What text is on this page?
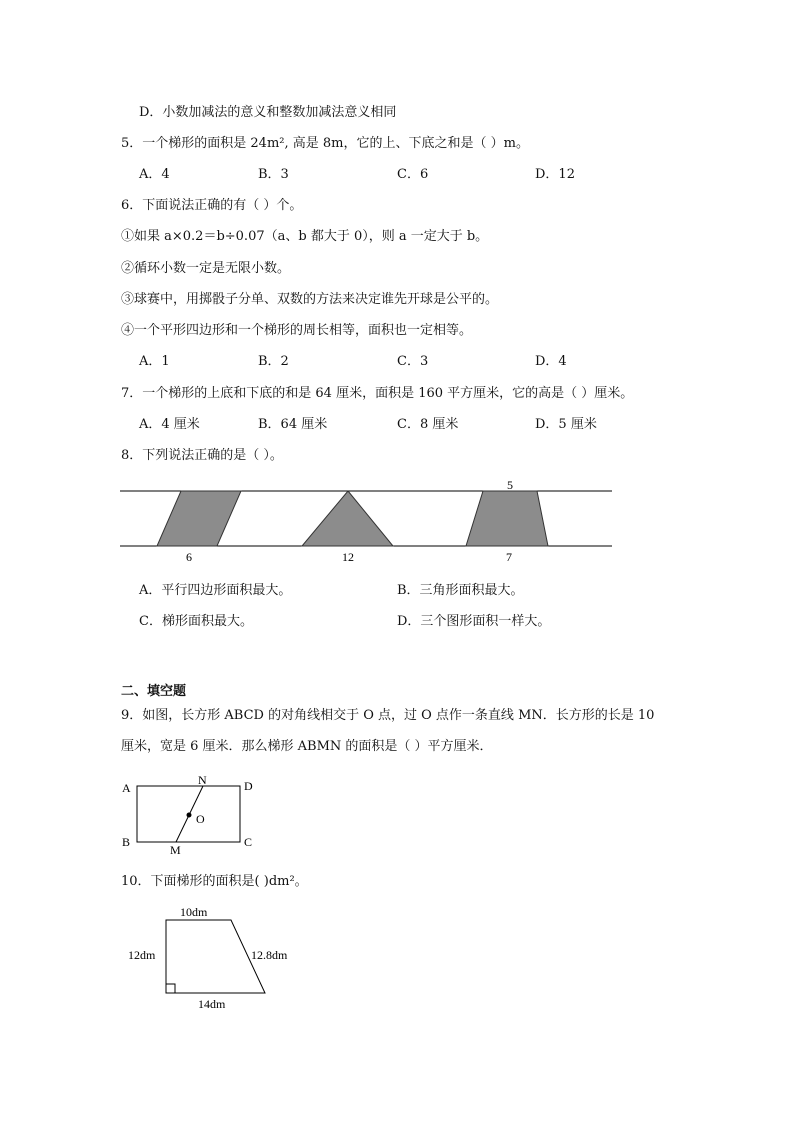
D．小数加减法的意义和整数加减法意义相同
5．一个梯形的面积是 24m², 高是 8m，它的上、下底之和是（ ）m。
A．4	B．3	C．6	D．12
6．下面说法正确的有（ ）个。
①如果 a×0.2＝b÷0.07（a、b 都大于 0），则 a 一定大于 b。
②循环小数一定是无限小数。
③球赛中，用掷骰子分单、双数的方法来决定谁先开球是公平的。
④一个平形四边形和一个梯形的周长相等，面积也一定相等。
A．1	B．2	C．3	D．4
7．一个梯形的上底和下底的和是 64 厘米，面积是 160 平方厘米，它的高是（ ）厘米。
A．4 厘米	B．64 厘米	C．8 厘米	D．5 厘米
8．下列说法正确的是（ ）。
6	12
5
7
A．平行四边形面积最大。	B．三角形面积最大。
C．梯形面积最大。	D．三个图形面积一样大。
二、填空题
9．如图，长方形 ABCD 的对角线相交于 O 点，过 O 点作一条直线 MN．长方形的长是 10
厘米，宽是 6 厘米．那么梯形 ABMN 的面积是（ ）平方厘米．
A
B
D
C
N
M
O
10．下面梯形的面积是( )dm²。
10dm
12dm	12.8dm
14dm
